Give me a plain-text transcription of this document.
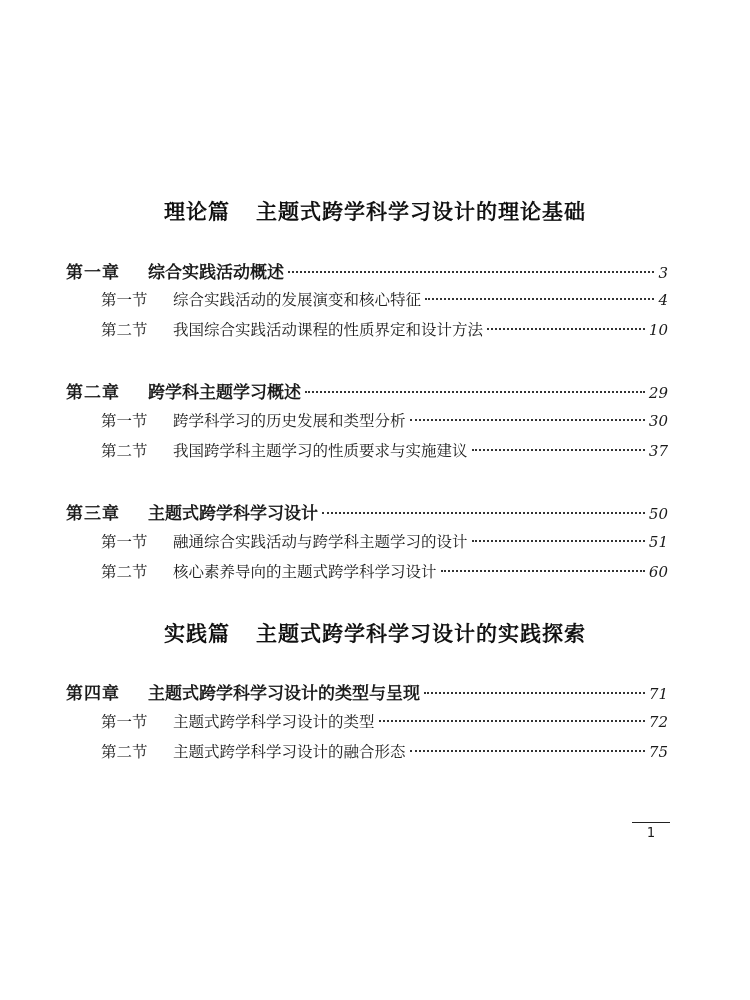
理论篇 主题式跨学科学习设计的理论基础
第一章	综合实践活动概述	3
第一节	综合实践活动的发展演变和核心特征	4
第二节	我国综合实践活动课程的性质界定和设计方法	10
第二章	跨学科主题学习概述	29
第一节	跨学科学习的历史发展和类型分析	30
第二节	我国跨学科主题学习的性质要求与实施建议	37
第三章	主题式跨学科学习设计	50
第一节	融通综合实践活动与跨学科主题学习的设计	51
第二节	核心素养导向的主题式跨学科学习设计	60
实践篇 主题式跨学科学习设计的实践探索
第四章	主题式跨学科学习设计的类型与呈现	71
第一节	主题式跨学科学习设计的类型	72
第二节	主题式跨学科学习设计的融合形态	75
1
